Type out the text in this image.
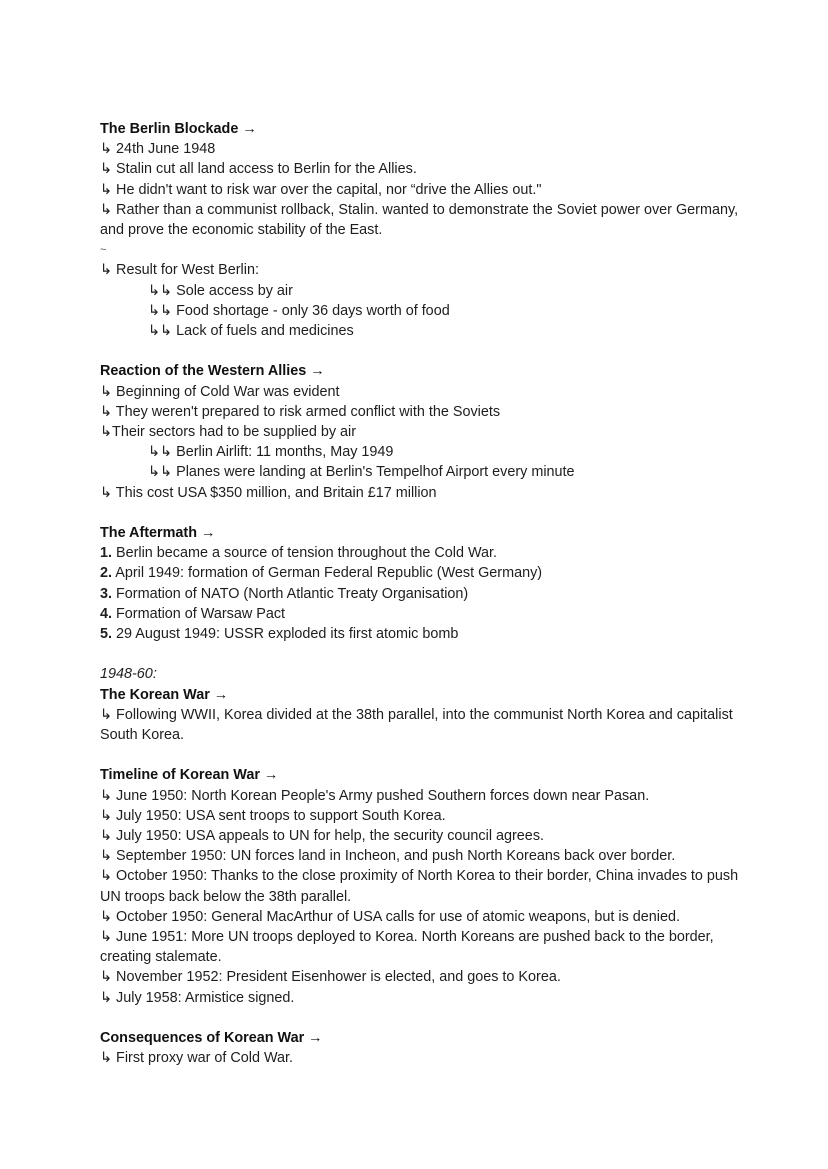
The Berlin Blockade →

↳ 24th June 1948

↳ Stalin cut all land access to Berlin for the Allies.

↳ He didn't want to risk war over the capital, nor “drive the Allies out."

↳ Rather than a communist rollback, Stalin. wanted to demonstrate the Soviet power over Germany, and prove the economic stability of the East.

~

↳ Result for West Berlin:

↳↳ Sole access by air

↳↳ Food shortage - only 36 days worth of food

↳↳ Lack of fuels and medicines

Reaction of the Western Allies →

↳ Beginning of Cold War was evident

↳ They weren't prepared to risk armed conflict with the Soviets

↳Their sectors had to be supplied by air

↳↳ Berlin Airlift: 11 months, May 1949

↳↳ Planes were landing at Berlin's Tempelhof Airport every minute

↳ This cost USA $350 million, and Britain £17 million

The Aftermath →

1. Berlin became a source of tension throughout the Cold War.

2. April 1949: formation of German Federal Republic (West Germany)

3. Formation of NATO (North Atlantic Treaty Organisation)

4. Formation of Warsaw Pact

5. 29 August 1949: USSR exploded its first atomic bomb

1948-60:

The Korean War →

↳ Following WWII, Korea divided at the 38th parallel, into the communist North Korea and capitalist South Korea.

Timeline of Korean War →

↳ June 1950: North Korean People's Army pushed Southern forces down near Pasan.

↳ July 1950: USA sent troops to support South Korea.

↳ July 1950: USA appeals to UN for help, the security council agrees.

↳ September 1950: UN forces land in Incheon, and push North Koreans back over border.

↳ October 1950: Thanks to the close proximity of North Korea to their border, China invades to push UN troops back below the 38th parallel.

↳ October 1950: General MacArthur of USA calls for use of atomic weapons, but is denied.

↳ June 1951: More UN troops deployed to Korea. North Koreans are pushed back to the border, creating stalemate.

↳ November 1952: President Eisenhower is elected, and goes to Korea.

↳ July 1958: Armistice signed.

Consequences of Korean War →

↳ First proxy war of Cold War.
